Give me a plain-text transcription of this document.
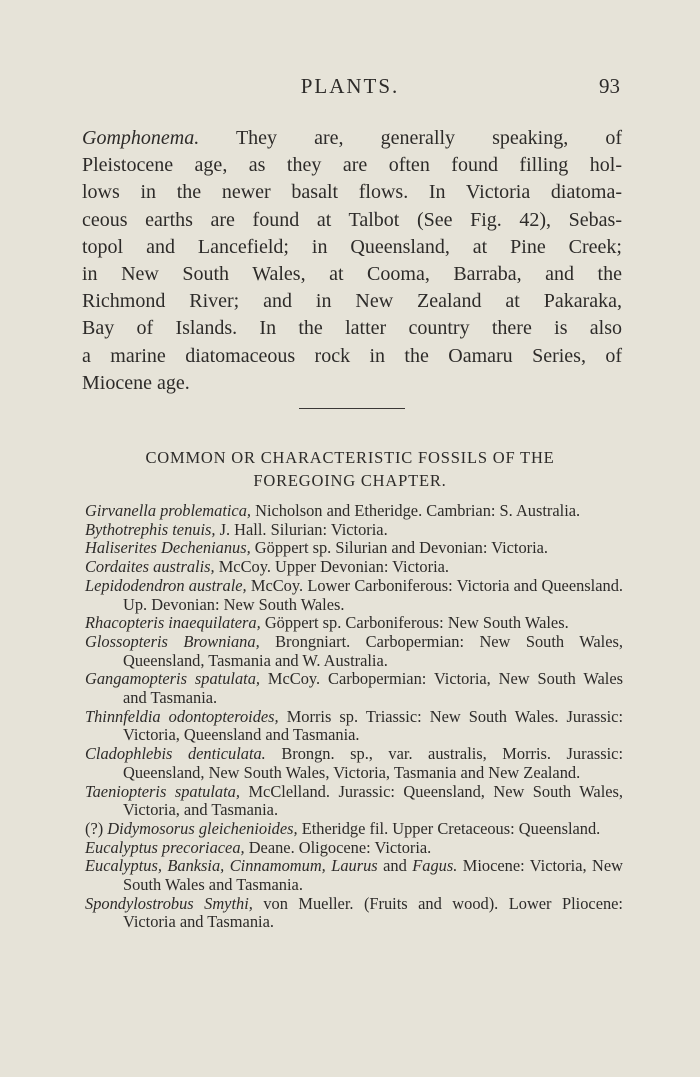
PLANTS.	93
Gomphonema. They are, generally speaking, of
Pleistocene age, as they are often found filling hol-
lows in the newer basalt flows. In Victoria diatoma-
ceous earths are found at Talbot (See Fig. 42), Sebas-
topol and Lancefield; in Queensland, at Pine Creek;
in New South Wales, at Cooma, Barraba, and the
Richmond River; and in New Zealand at Pakaraka,
Bay of Islands. In the latter country there is also
a marine diatomaceous rock in the Oamaru Series, of
Miocene age.
COMMON OR CHARACTERISTIC FOSSILS OF THE
FOREGOING CHAPTER.

Girvanella problematica, Nicholson and Etheridge. Cambrian: S. Australia.

Bythotrephis tenuis, J. Hall. Silurian: Victoria.

Haliserites Dechenianus, Göppert sp. Silurian and Devonian: Victoria.

Cordaites australis, McCoy. Upper Devonian: Victoria.

Lepidodendron australe, McCoy. Lower Carboniferous: Victoria and Queensland. Up. Devonian: New South Wales.

Rhacopteris inaequilatera, Göppert sp. Carboniferous: New South Wales.

Glossopteris Browniana, Brongniart. Carbopermian: New South Wales, Queensland, Tasmania and W. Australia.

Gangamopteris spatulata, McCoy. Carbopermian: Victoria, New South Wales and Tasmania.

Thinnfeldia odontopteroides, Morris sp. Triassic: New South Wales. Jurassic: Victoria, Queensland and Tasmania.

Cladophlebis denticulata. Brongn. sp., var. australis, Morris. Jurassic: Queensland, New South Wales, Victoria, Tasmania and New Zealand.

Taeniopteris spatulata, McClelland. Jurassic: Queensland, New South Wales, Victoria, and Tasmania.

(?) Didymosorus gleichenioides, Etheridge fil. Upper Cretaceous: Queensland.

Eucalyptus precoriacea, Deane. Oligocene: Victoria.

Eucalyptus, Banksia, Cinnamomum, Laurus and Fagus. Miocene: Victoria, New South Wales and Tasmania.

Spondylostrobus Smythi, von Mueller. (Fruits and wood). Lower Pliocene: Victoria and Tasmania.
